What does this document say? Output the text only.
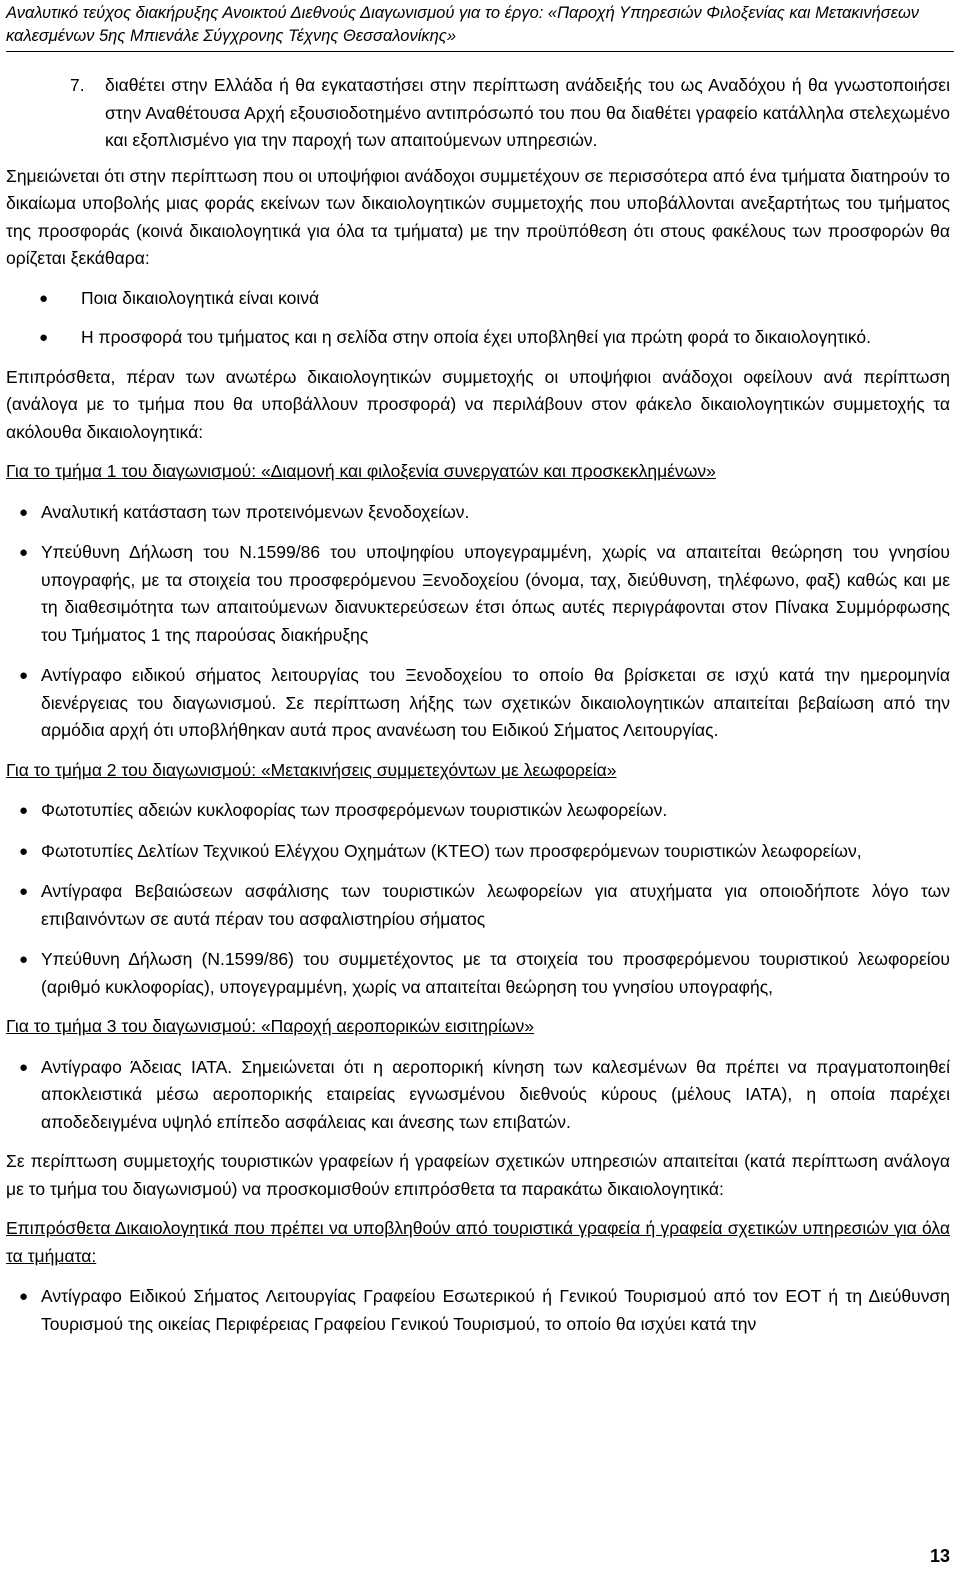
Αναλυτικό τεύχος διακήρυξης Ανοικτού Διεθνούς Διαγωνισμού για το έργο: «Παροχή Υπηρεσιών Φιλοξενίας και Μετακινήσεων
καλεσμένων 5ης Μπιενάλε Σύγχρονης Τέχνης Θεσσαλονίκης»
7.	διαθέτει στην Ελλάδα ή θα εγκαταστήσει στην περίπτωση ανάδειξής του ως Αναδόχου ή θα γνωστοποιήσει στην Αναθέτουσα Αρχή εξουσιοδοτημένο αντιπρόσωπό του που θα διαθέτει γραφείο κατάλληλα στελεχωμένο και εξοπλισμένο για την παροχή των απαιτούμενων υπηρεσιών.

Σημειώνεται ότι στην περίπτωση που οι υποψήφιοι ανάδοχοι συμμετέχουν σε περισσότερα από ένα τμήματα διατηρούν το δικαίωμα υποβολής μιας φοράς εκείνων των δικαιολογητικών συμμετοχής που υποβάλλονται ανεξαρτήτως του τμήματος της προσφοράς (κοινά δικαιολογητικά για όλα τα τμήματα) με την προϋπόθεση ότι στους φακέλους των προσφορών θα ορίζεται ξεκάθαρα:

●	Ποια δικαιολογητικά είναι κοινά
●	Η προσφορά του τμήματος και η σελίδα στην οποία έχει υποβληθεί για πρώτη φορά το δικαιολογητικό.

Επιπρόσθετα, πέραν των ανωτέρω δικαιολογητικών συμμετοχής οι υποψήφιοι ανάδοχοι οφείλουν ανά περίπτωση (ανάλογα με το τμήμα που θα υποβάλλουν προσφορά) να περιλάβουν στον φάκελο δικαιολογητικών συμμετοχής τα ακόλουθα δικαιολογητικά:

Για το τμήμα 1 του διαγωνισμού: «Διαμονή και φιλοξενία συνεργατών και προσκεκλημένων»

● Αναλυτική κατάσταση των προτεινόμενων ξενοδοχείων.
● Υπεύθυνη Δήλωση του Ν.1599/86 του υποψηφίου υπογεγραμμένη, χωρίς να απαιτείται θεώρηση του γνησίου υπογραφής, με τα στοιχεία του προσφερόμενου Ξενοδοχείου (όνομα, ταχ, διεύθυνση, τηλέφωνο, φαξ) καθώς και με τη διαθεσιμότητα των απαιτούμενων διανυκτερεύσεων έτσι όπως αυτές περιγράφονται στον Πίνακα Συμμόρφωσης του Τμήματος 1 της παρούσας διακήρυξης
● Αντίγραφο ειδικού σήματος λειτουργίας του Ξενοδοχείου το οποίο θα βρίσκεται σε ισχύ κατά την ημερομηνία διενέργειας του διαγωνισμού. Σε περίπτωση λήξης των σχετικών δικαιολογητικών απαιτείται βεβαίωση από την αρμόδια αρχή ότι υποβλήθηκαν αυτά προς ανανέωση του Ειδικού Σήματος Λειτουργίας.

Για το τμήμα 2 του διαγωνισμού: «Μετακινήσεις συμμετεχόντων με λεωφορεία»

● Φωτοτυπίες αδειών κυκλοφορίας των προσφερόμενων τουριστικών λεωφορείων.
● Φωτοτυπίες Δελτίων Τεχνικού Ελέγχου Οχημάτων (ΚΤΕΟ) των προσφερόμενων τουριστικών λεωφορείων,
● Αντίγραφα Βεβαιώσεων ασφάλισης των τουριστικών λεωφορείων για ατυχήματα για οποιοδήποτε λόγο των επιβαινόντων σε αυτά πέραν του ασφαλιστηρίου σήματος
● Υπεύθυνη Δήλωση (Ν.1599/86) του συμμετέχοντος με τα στοιχεία του προσφερόμενου τουριστικού λεωφορείου (αριθμό κυκλοφορίας), υπογεγραμμένη, χωρίς να απαιτείται θεώρηση του γνησίου υπογραφής,

Για το τμήμα 3 του διαγωνισμού: «Παροχή αεροπορικών εισιτηρίων»

● Αντίγραφο Άδειας ΙΑΤΑ. Σημειώνεται ότι η αεροπορική κίνηση των καλεσμένων θα πρέπει να πραγματοποιηθεί αποκλειστικά μέσω αεροπορικής εταιρείας εγνωσμένου διεθνούς κύρους (μέλους ΙΑΤΑ), η οποία παρέχει αποδεδειγμένα υψηλό επίπεδο ασφάλειας και άνεσης των επιβατών.

Σε περίπτωση συμμετοχής τουριστικών γραφείων ή γραφείων σχετικών υπηρεσιών απαιτείται (κατά περίπτωση ανάλογα με το τμήμα του διαγωνισμού) να προσκομισθούν επιπρόσθετα τα παρακάτω δικαιολογητικά:

Επιπρόσθετα Δικαιολογητικά που πρέπει να υποβληθούν από τουριστικά γραφεία ή γραφεία σχετικών υπηρεσιών για όλα τα τμήματα:

● Αντίγραφο Ειδικού Σήματος Λειτουργίας Γραφείου Εσωτερικού ή Γενικού Τουρισμού από τον ΕΟΤ ή τη Διεύθυνση Τουρισμού της οικείας Περιφέρειας Γραφείου Γενικού Τουρισμού, το οποίο θα ισχύει κατά την
13
